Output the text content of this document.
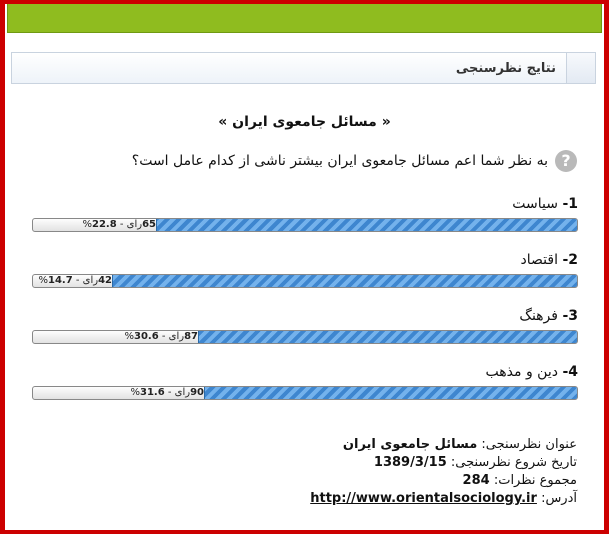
نتایج نظرسنجی
« مسائل جامعوی ایران »
?
به نظر شما اعم مسائل جامعوی ایران بیشتر ناشی از کدام عامل است؟
1- سیاست
65رای - 22.8%
2- اقتصاد
42رای - 14.7%
3- فرهنگ
87رای - 30.6%
4- دین و مذهب
90رای - 31.6%
عنوان نظرسنجی: مسائل جامعوی ایران
تاریخ شروع نظرسنجی: 1389/3/15
مجموع نظرات: 284
آدرس: http://www.orientalsociology.ir
